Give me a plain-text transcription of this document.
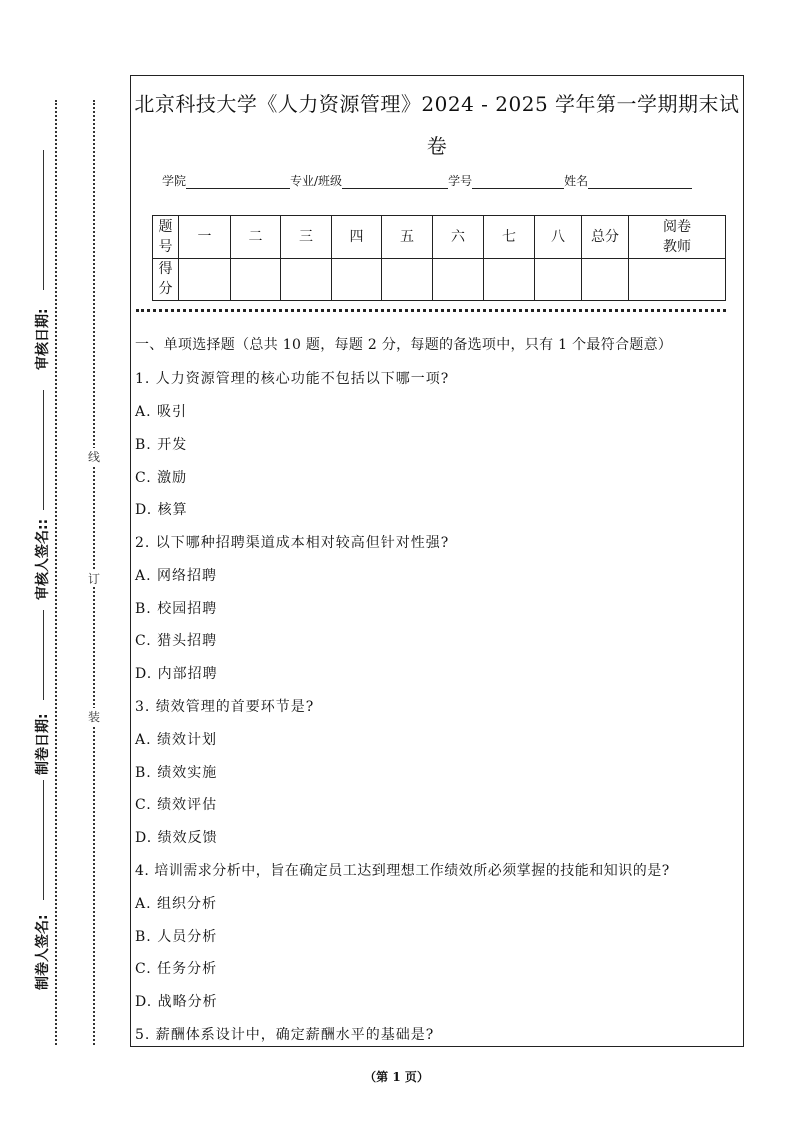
审核日期:
审核人签名::
制卷日期:
制卷人签名:
线
订
装
北京科技大学《人力资源管理》2024 - 2025 学年第一学期期末试
卷
学院	专业/班级	学号	姓名
题号	一	二	三	四	五	六	七	八	总分	阅卷教师
得分										
一、单项选择题（总共 10 题，每题 2 分，每题的备选项中，只有 1 个最符合题意）
1. 人力资源管理的核心功能不包括以下哪一项?
A. 吸引
B. 开发
C. 激励
D. 核算
2. 以下哪种招聘渠道成本相对较高但针对性强?
A. 网络招聘
B. 校园招聘
C. 猎头招聘
D. 内部招聘
3. 绩效管理的首要环节是?
A. 绩效计划
B. 绩效实施
C. 绩效评估
D. 绩效反馈
4. 培训需求分析中，旨在确定员工达到理想工作绩效所必须掌握的技能和知识的是?
A. 组织分析
B. 人员分析
C. 任务分析
D. 战略分析
5. 薪酬体系设计中，确定薪酬水平的基础是?
（第 1 页）
